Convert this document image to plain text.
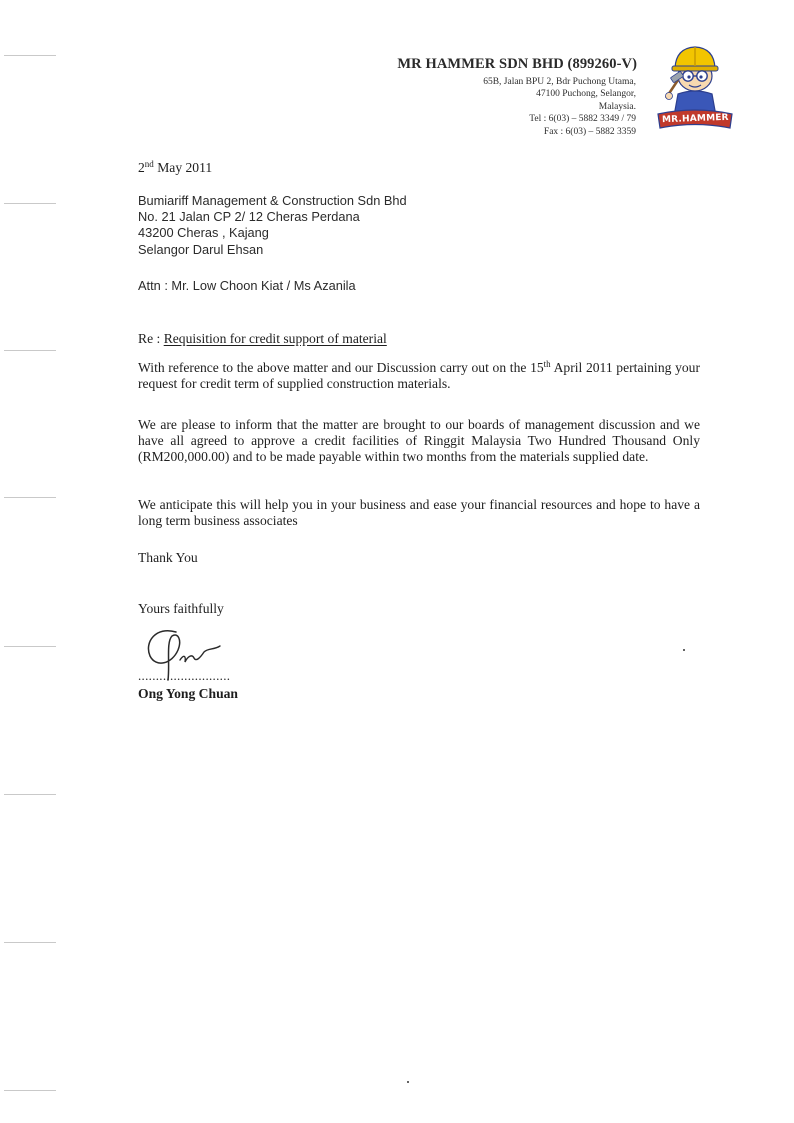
MR HAMMER SDN BHD (899260-V)
65B, Jalan BPU 2, Bdr Puchong Utama,
47100 Puchong, Selangor,
Malaysia.
Tel : 6(03) – 5882 3349 / 79
Fax : 6(03) – 5882 3359
MR.HAMMER
2nd May 2011
Bumiariff Management & Construction Sdn Bhd
No. 21 Jalan CP 2/ 12 Cheras Perdana
43200 Cheras , Kajang
Selangor Darul Ehsan
Attn : Mr. Low Choon Kiat / Ms Azanila
Re : Requisition for credit support of material
With reference to the above matter and our Discussion carry out on the 15th April 2011 pertaining your request for credit term of supplied construction materials.
We are please to inform that the matter are brought to our boards of management discussion and we have all agreed to approve a credit facilities of Ringgit Malaysia Two Hundred Thousand Only (RM200,000.00) and to be made payable within two months from the materials supplied date.
We anticipate this will help you in your business and ease your financial resources and hope to have a long term business associates
Thank You
Yours faithfully
..........................
Ong Yong Chuan
